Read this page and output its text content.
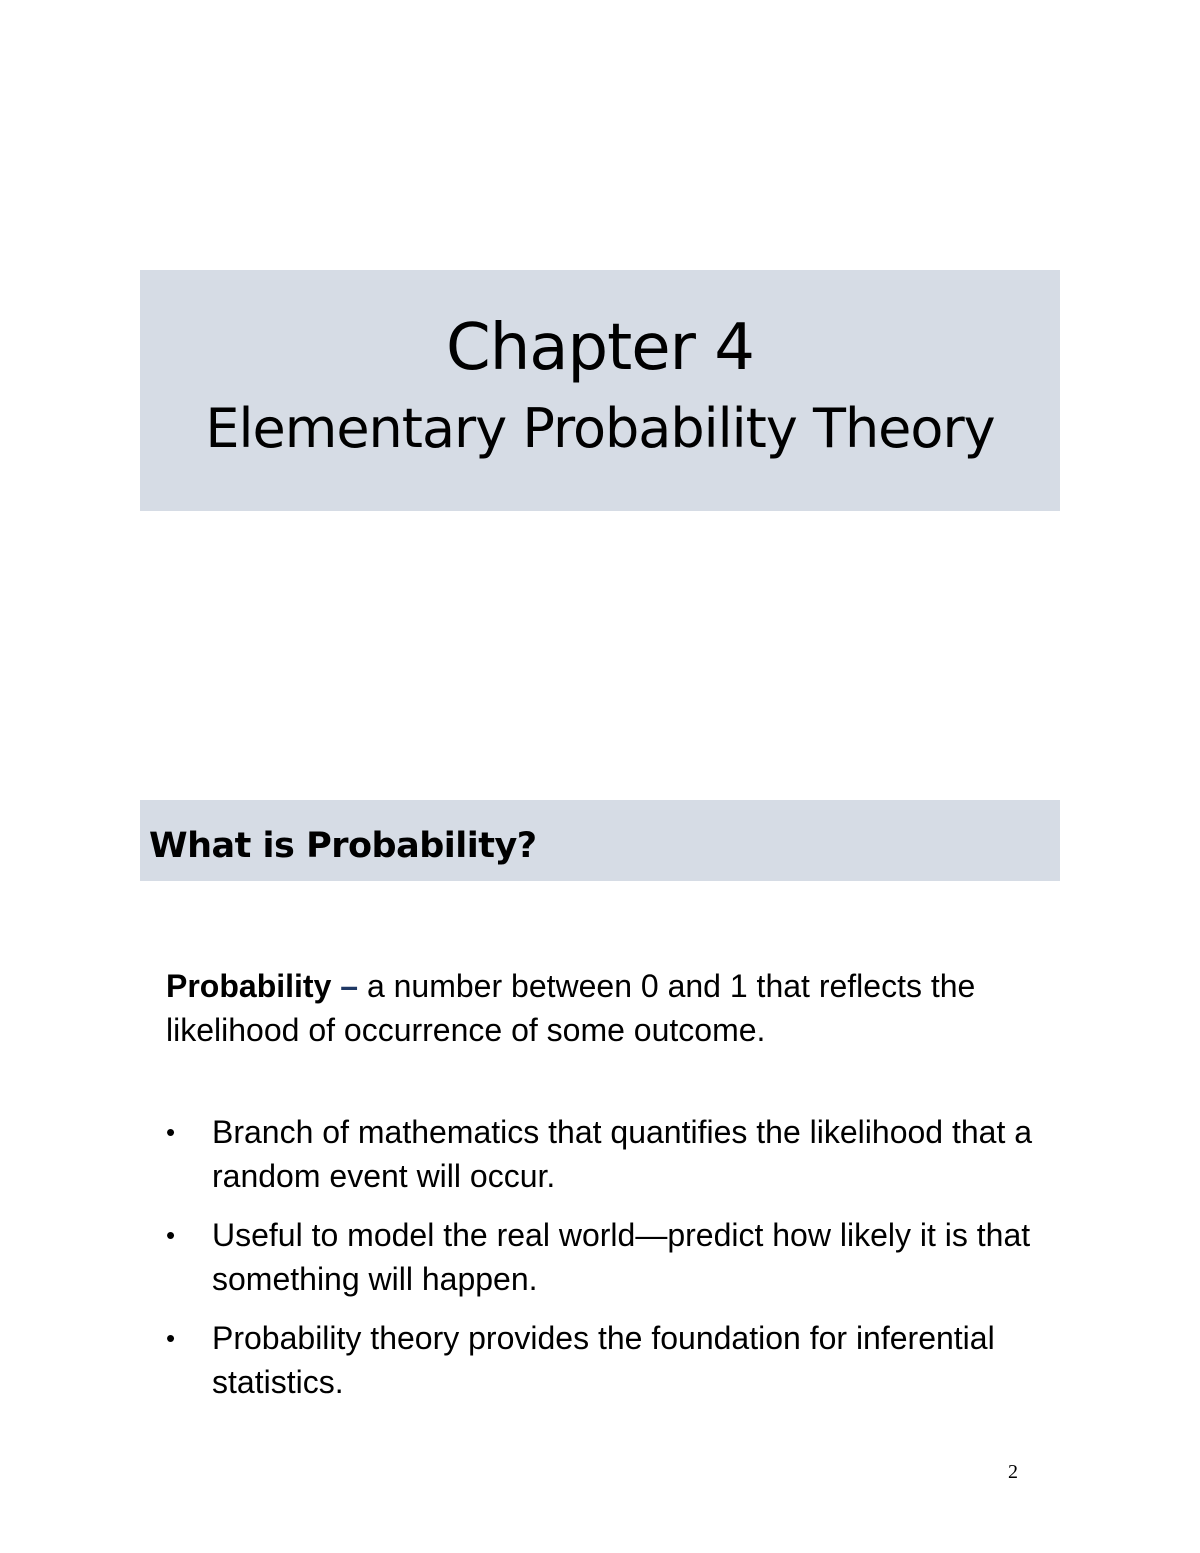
Chapter 4
Elementary Probability Theory
What is Probability?
Probability – a number between 0 and 1 that reflects the likelihood of occurrence of some outcome.
• Branch of mathematics that quantifies the likelihood that a random event will occur.
• Useful to model the real world—predict how likely it is that something will happen.
• Probability theory provides the foundation for inferential statistics.
2
